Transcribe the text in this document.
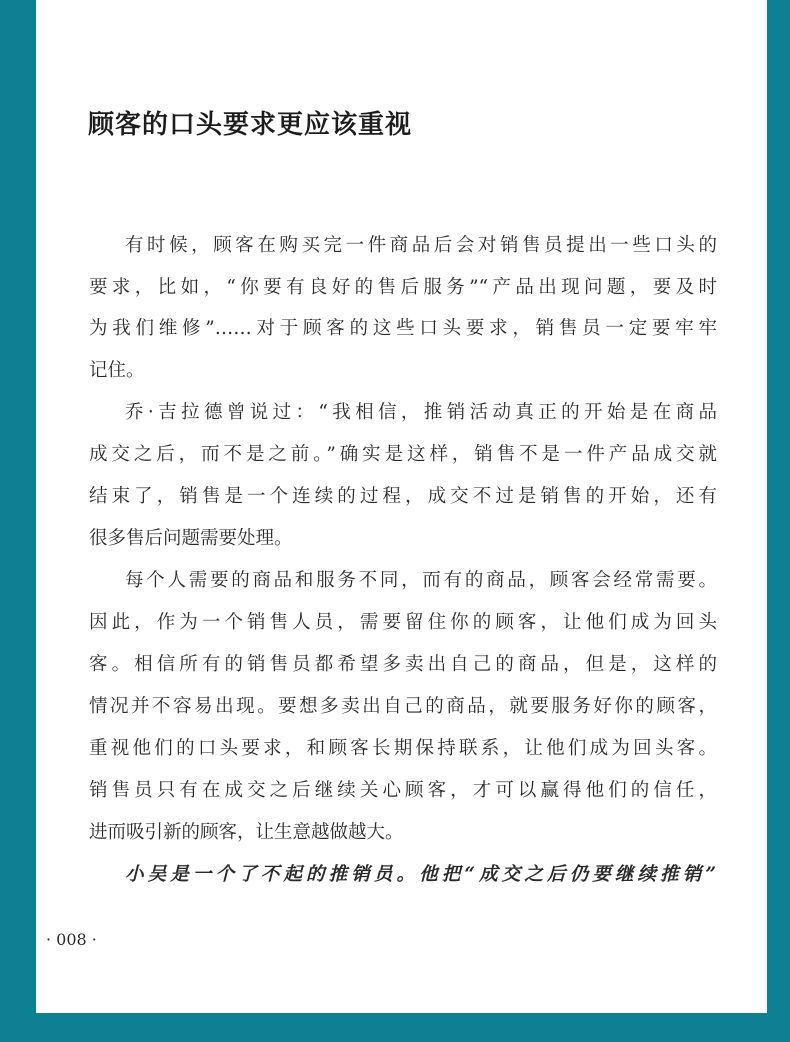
顾客的口头要求更应该重视

有时候，顾客在购买完一件商品后会对销售员提出一些口头的

要求，比如，“你要有良好的售后服务”“产品出现问题，要及时

为我们维修”……对于顾客的这些口头要求，销售员一定要牢牢

记住。

乔·吉拉德曾说过：“我相信，推销活动真正的开始是在商品

成交之后，而不是之前。”确实是这样，销售不是一件产品成交就

结束了，销售是一个连续的过程，成交不过是销售的开始，还有

很多售后问题需要处理。

每个人需要的商品和服务不同，而有的商品，顾客会经常需要。

因此，作为一个销售人员，需要留住你的顾客，让他们成为回头

客。相信所有的销售员都希望多卖出自己的商品，但是，这样的

情况并不容易出现。要想多卖出自己的商品，就要服务好你的顾客，

重视他们的口头要求，和顾客长期保持联系，让他们成为回头客。

销售员只有在成交之后继续关心顾客，才可以赢得他们的信任，

进而吸引新的顾客，让生意越做越大。

小吴是一个了不起的推销员。他把“成交之后仍要继续推销”

· 008 ·
